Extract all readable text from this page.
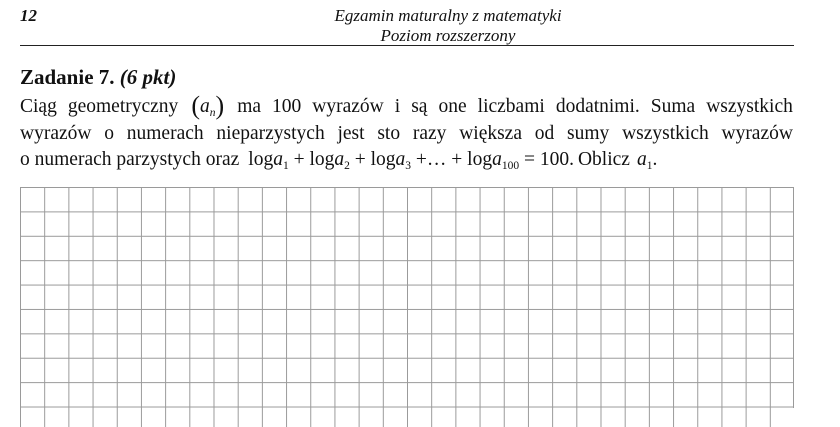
12	Egzamin maturalny z matematyki
Poziom rozszerzony
Zadanie 7. (6 pkt)
Ciąg geometryczny $(a_n)$ ma 100 wyrazów i są one liczbami dodatnimi. Suma wszystkich
wyrazów o numerach nieparzystych jest sto razy większa od sumy wszystkich wyrazów
o numerach parzystych oraz loga$_1$ + loga$_2$ + loga$_3$ +… + loga$_{100}$ = 100 . Oblicz $a_1$ .
